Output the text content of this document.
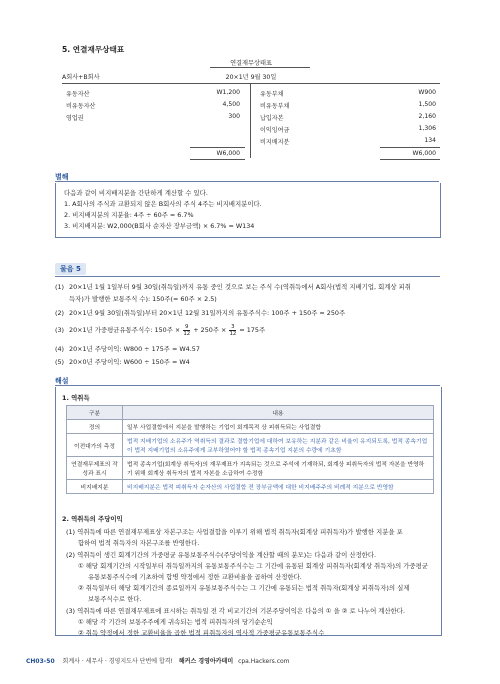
5. 연결재무상태표
연결재무상태표
A회사+B회사	20×1년 9월 30일
유동자산	W1,200
비유동자산	4,500
영업권	300
유동부채	W900
비유동부채	1,500
납입자본	2,160
이익잉여금	1,306
비지배지분	134
W6,000	W6,000
별해
다음과 같이 비지배지분을 간단하게 계산할 수 있다.
1. A회사의 주식과 교환되지 않은 B회사의 주식 4주는 비지배지분이다.
2. 비지배지분의 지분율: 4주 ÷ 60주 = 6.7%
3. 비지배지분: W2,000(B회사 순자산 장부금액) × 6.7% = W134
물음 5
(1) 20×1년 1월 1일부터 9월 30일(취득일)까지 유통 중인 것으로 보는 주식 수(역취득에서 A회사(법적 지배기업, 회계상 피취
득자)가 발행한 보통주식 수): 150주(= 60주 × 2.5)
(2) 20×1년 9월 30일(취득일)부터 20×1년 12월 31일까지의 유통주식수: 100주 + 150주 = 250주
(3) 20×1년 가중평균유통주식수: 150주 × $\frac{9}{12} + 250$주 × $\frac{3}{12} = 175$주
(4) 20×1년 주당이익: W800 ÷ 175주 = W4.57
(5) 20×0년 주당이익: W600 ÷ 150주 = W4
해설
1. 역취득
구분	내용
정의	일부 사업결합에서 지분을 발행하는 기업이 회계목적 상 피취득되는 사업결합
이전대가의 측정	법적 지배기업의 소유주가 역취득의 결과로 결합기업에 대하여 보유하는 지분과 같은 비율이 유지되도록, 법적 종속기업이 법적 지배기업의 소유주에게 교부하였어야 할 법적 종속기업 지분의 수량에 기초함
연결재무제표의 작성과 표시	법적 종속기업(회계상 취득자)의 재무제표가 지속되는 것으로 주석에 기재하되, 회계상 피취득자의 법적 자본을 반영하기 위해 회계상 취득자의 법적 자본을 소급하여 수정함
비지배지분	비지배지분은 법적 피취득자 순자산의 사업결합 전 장부금액에 대한 비지배주주의 비례적 지분으로 반영함
2. 역취득의 주당이익
(1) 역취득에 따른 연결재무제표상 자본구조는 사업결합을 이루기 위해 법적 취득자(회계상 피취득자)가 발행한 지분을 포
함하여 법적 취득자의 자본구조를 반영한다.
(2) 역취득이 생긴 회계기간의 가중평균 유통보통주식수(주당이익을 계산할 때의 분모)는 다음과 같이 산정한다.
① 해당 회계기간의 시작일부터 취득일까지의 유통보통주식수는 그 기간에 유통된 회계상 피취득자(회계상 취득자)의 가중평균
유통보통주식수에 기초하여 합병 약정에서 정한 교환비율을 곱하여 산정한다.
② 취득일부터 해당 회계기간의 종료일까지 유통보통주식수는 그 기간에 유통되는 법적 취득자(회계상 피취득자)의 실제
보통주식수로 한다.
(3) 역취득에 따른 연결재무제표에 표시하는 취득일 전 각 비교기간의 기본주당이익은 다음의 ① 을 ② 로 나누어 계산한다.
① 해당 각 기간의 보통주주에게 귀속되는 법적 피취득자의 당기순손익
② 취득 약정에서 정한 교환비율을 곱한 법적 피취득자의 역사적 가중평균유통보통주식수
CH03-50 회계사 · 세무사 · 경영지도사 단번에 합격! 해커스 경영아카데미 cpa.Hackers.com
